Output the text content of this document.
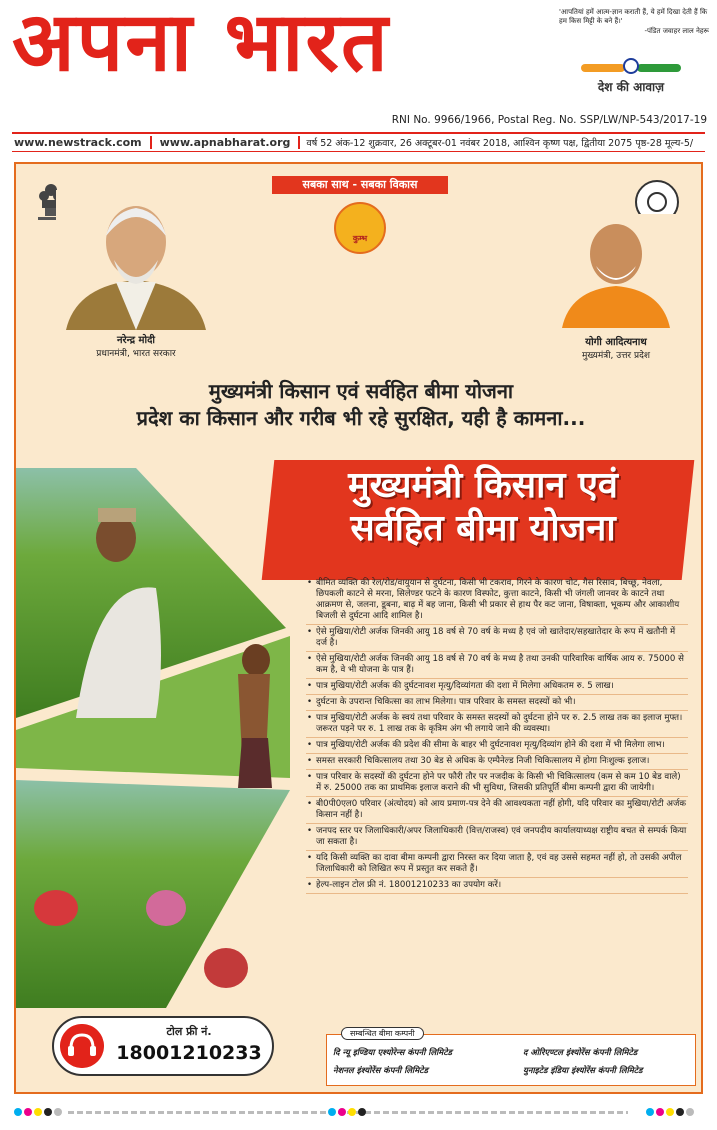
अपना भारत	'आपतियां हमें आत्म-ज्ञान कराती हैं, ये हमें दिखा देती हैं कि हम किस मिट्टी के बने हैं।'
-पंडित जवाहर लाल नेहरू
देश की आवाज़
RNI No. 9966/1966, Postal Reg. No. SSP/LW/NP-543/2017-19
www.newstrack.com	www.apnabharat.org	वर्ष 52 अंक-12 शुक्रवार, 26 अक्टूबर-01 नवंबर 2018, आश्विन कृष्ण पक्ष, द्वितीया 2075 पृष्ठ-28 मूल्य-5/
सबका साथ - सबका विकास
कुम्भ
नरेन्द्र मोदी
प्रधानमंत्री, भारत सरकार
योगी आदित्यनाथ
मुख्यमंत्री, उत्तर प्रदेश
मुख्यमंत्री किसान एवं सर्वहित बीमा योजना
प्रदेश का किसान और गरीब भी रहे सुरक्षित, यही है कामना...
मुख्यमंत्री किसान एवं
सर्वहित बीमा योजना
• बीमित व्यक्ति की रेल/रोड/वायुयान से दुर्घटना, किसी भी टकराव, गिरने के कारण चोट, गैस रिसाव, बिच्छू, नेवला, छिपकली काटने से मरना, सिलेण्डर फटने के कारण विस्फोट, कुत्ता काटने, किसी भी जंगली जानवर के काटने तथा आक्रमण से, जलना, डूबना, बाढ़ में बह जाना, किसी भी प्रकार से हाथ पैर कट जाना, विषाक्ता, भूकम्प और आकाशीय बिजली से दुर्घटना आदि शामिल है।
• ऐसे मुखिया/रोटी अर्जक जिनकी आयु 18 वर्ष से 70 वर्ष के मध्य है एवं जो खातेदार/सहखातेदार के रूप में खतौनी में दर्ज है।
• ऐसे मुखिया/रोटी अर्जक जिनकी आयु 18 वर्ष से 70 वर्ष के मध्य है तथा उनकी पारिवारिक वार्षिक आय रु. 75000 से कम है, वे भी योजना के पात्र हैं।
• पात्र मुखिया/रोटी अर्जक की दुर्घटनावश मृत्यु/दिव्यांगता की दशा में मिलेगा अधिकतम रु. 5 लाख।
• दुर्घटना के उपरान्त चिकित्सा का लाभ मिलेगा। पात्र परिवार के समस्त सदस्यों को भी।
• पात्र मुखिया/रोटी अर्जक के स्वयं तथा परिवार के समस्त सदस्यों को दुर्घटना होने पर रु. 2.5 लाख तक का इलाज मुफ्त। जरूरत पड़ने पर रु. 1 लाख तक के कृत्रिम अंग भी लगाये जाने की व्यवस्था।
• पात्र मुखिया/रोटी अर्जक की प्रदेश की सीमा के बाहर भी दुर्घटनावश मृत्यु/दिव्यांग होने की दशा में भी मिलेगा लाभ।
• समस्त सरकारी चिकित्सालय तथा 30 बेड से अधिक के एम्पैनेल्ड निजी चिकित्सालय में होगा निःशुल्क इलाज।
• पात्र परिवार के सदस्यों की दुर्घटना होने पर फौरी तौर पर नजदीक के किसी भी चिकित्सालय (कम से कम 10 बेड वाले) में रु. 25000 तक का प्राथमिक इलाज कराने की भी सुविधा, जिसकी प्रतिपूर्ति बीमा कम्पनी द्वारा की जायेगी।
• बी0पी0एल0 परिवार (अंत्योदय) को आय प्रमाण-पत्र देने की आवश्यकता नहीं होगी, यदि परिवार का मुखिया/रोटी अर्जक किसान नहीं है।
• जनपद स्तर पर जिलाधिकारी/अपर जिलाधिकारी (वित्त/राजस्व) एवं जनपदीय कार्यालयाध्यक्ष राष्ट्रीय बचत से सम्पर्क किया जा सकता है।
• यदि किसी व्यक्ति का दावा बीमा कम्पनी द्वारा निरस्त कर दिया जाता है, एवं वह उससे सहमत नहीं हो, तो उसकी अपील जिलाधिकारी को लिखित रूप में प्रस्तुत कर सकते हैं।
• हेल्प-लाइन टोल फ्री नं. 18001210233 का उपयोग करें।
टोल फ्री नं.
18001210233
सम्बन्धित बीमा कम्पनी
दि न्यू इण्डिया एश्योरेन्स कंपनी लिमिटेड	द ओरिएण्टल इंश्योरेंस कंपनी लिमिटेड
नेशनल इंश्योरेंस कंपनी लिमिटेड	युनाइटेड इंडिया इंश्योरेंस कंपनी लिमिटेड
